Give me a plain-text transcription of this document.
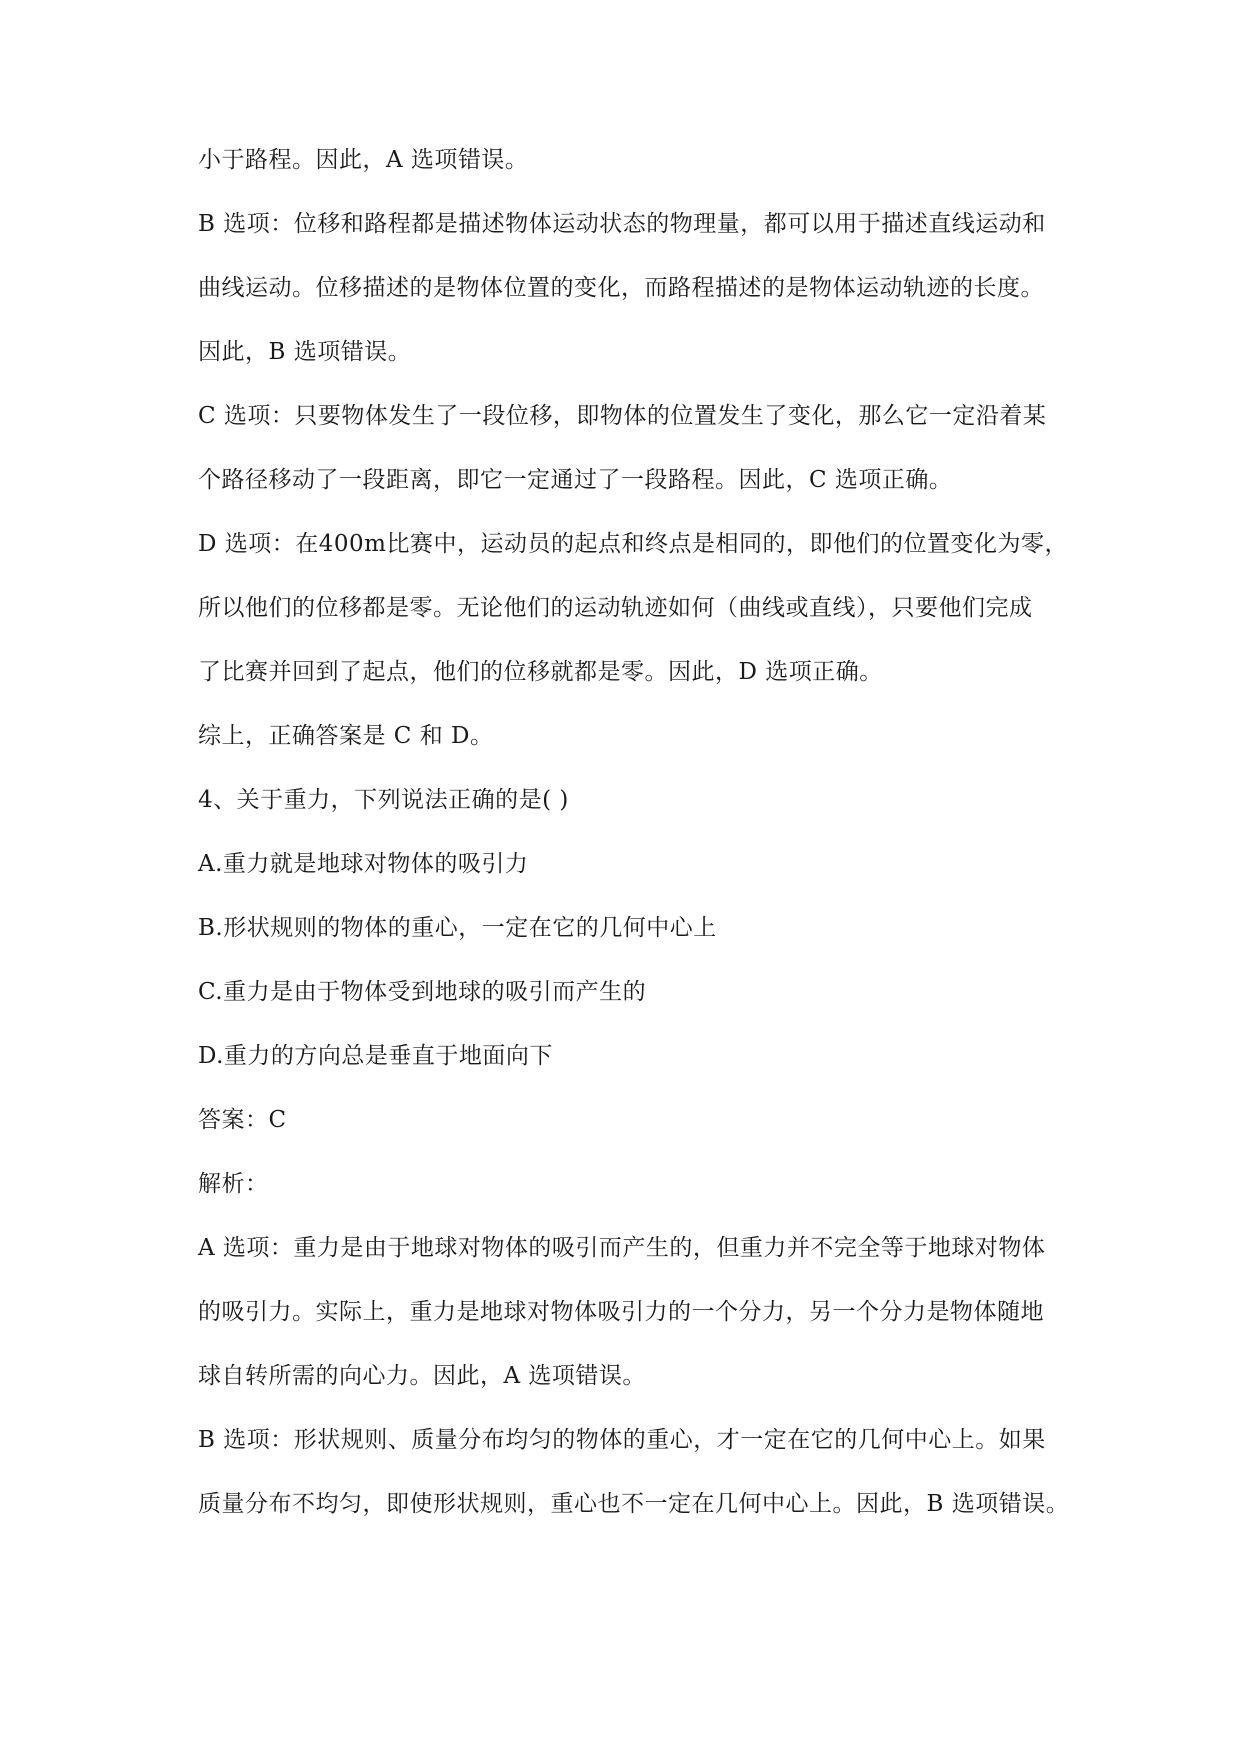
小于路程。因此，A 选项错误。
B 选项：位移和路程都是描述物体运动状态的物理量，都可以用于描述直线运动和
曲线运动。位移描述的是物体位置的变化，而路程描述的是物体运动轨迹的长度。
因此，B 选项错误。
C 选项：只要物体发生了一段位移，即物体的位置发生了变化，那么它一定沿着某
个路径移动了一段距离，即它一定通过了一段路程。因此，C 选项正确。
D 选项：在400m比赛中，运动员的起点和终点是相同的，即他们的位置变化为零，
所以他们的位移都是零。无论他们的运动轨迹如何（曲线或直线），只要他们完成
了比赛并回到了起点，他们的位移就都是零。因此，D 选项正确。
综上，正确答案是 C 和 D。
4、关于重力，下列说法正确的是( )
A.重力就是地球对物体的吸引力
B.形状规则的物体的重心，一定在它的几何中心上
C.重力是由于物体受到地球的吸引而产生的
D.重力的方向总是垂直于地面向下
答案：C
解析：
A 选项：重力是由于地球对物体的吸引而产生的，但重力并不完全等于地球对物体
的吸引力。实际上，重力是地球对物体吸引力的一个分力，另一个分力是物体随地
球自转所需的向心力。因此，A 选项错误。
B 选项：形状规则、质量分布均匀的物体的重心，才一定在它的几何中心上。如果
质量分布不均匀，即使形状规则，重心也不一定在几何中心上。因此，B 选项错误。
